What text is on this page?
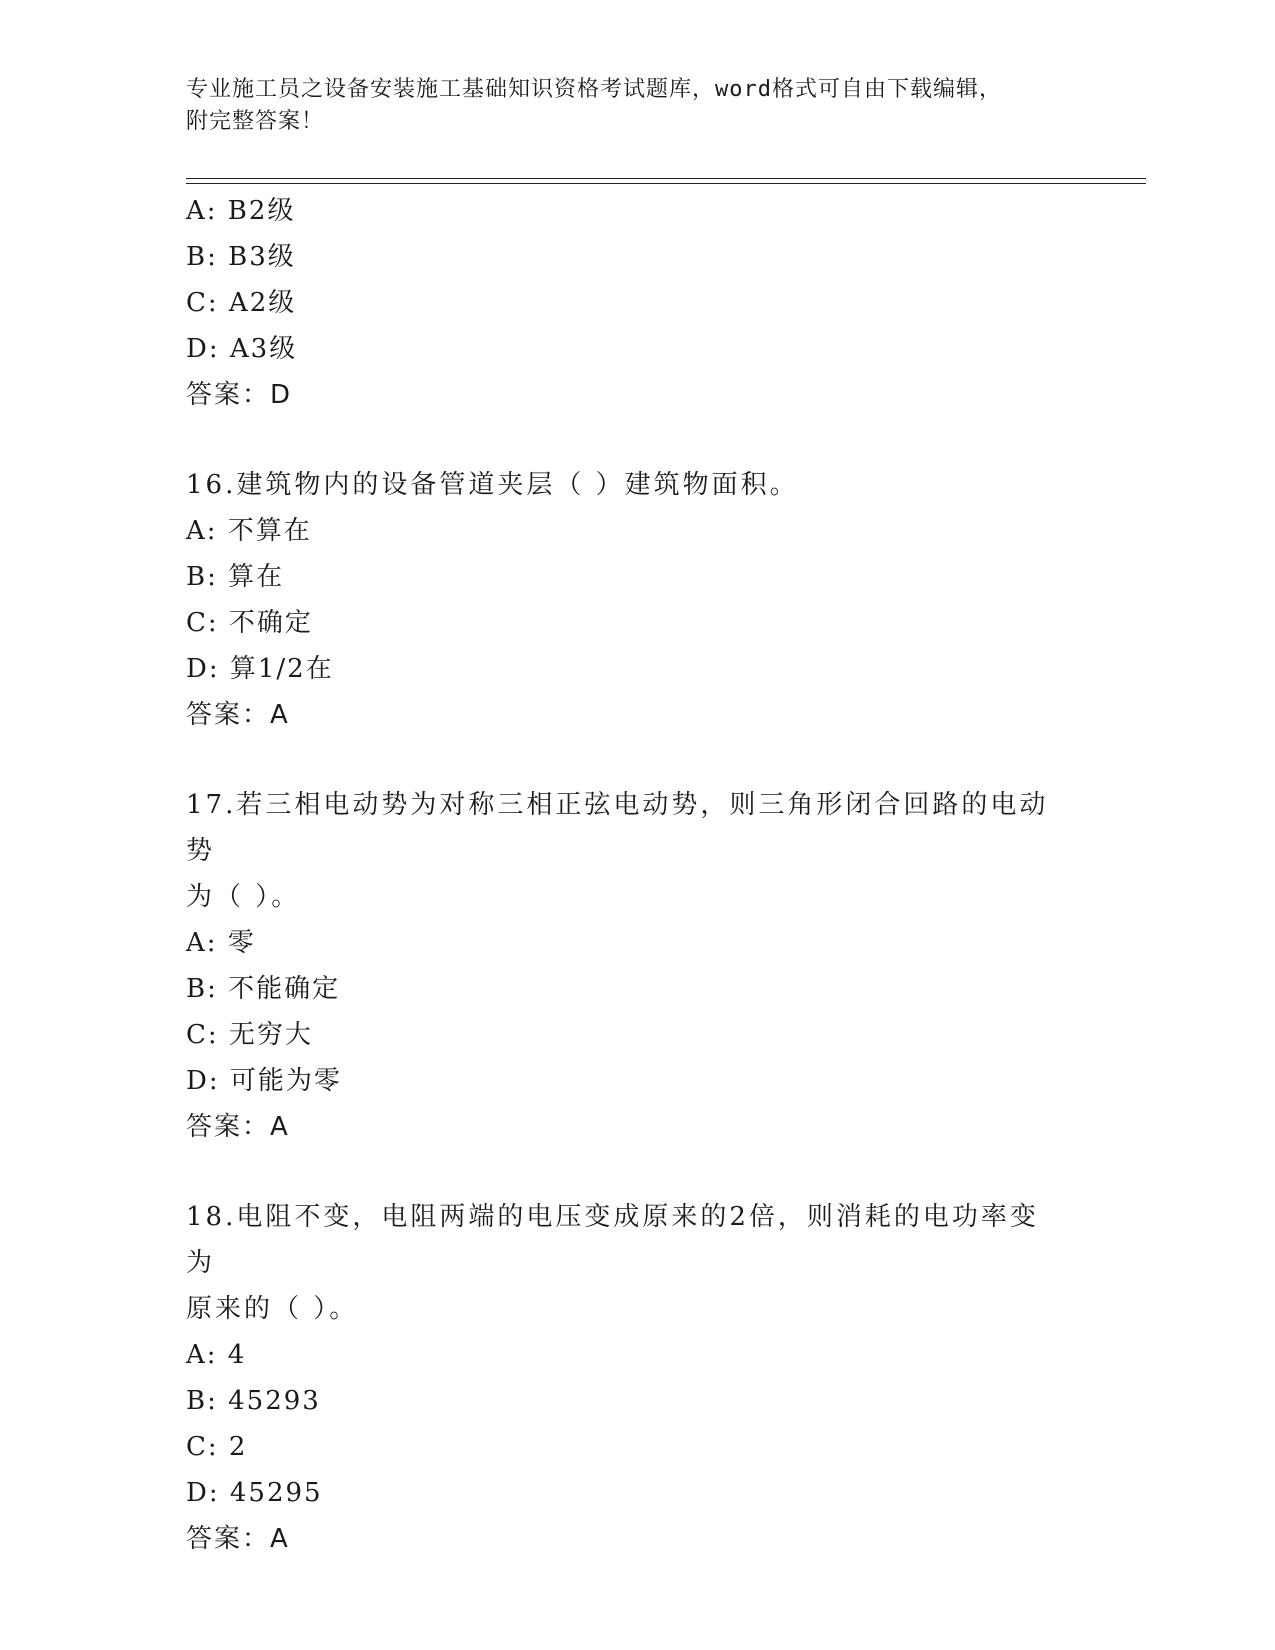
专业施工员之设备安装施工基础知识资格考试题库，word格式可自由下载编辑，
附完整答案！
A: B2级
B: B3级
C: A2级
D: A3级
答案：D
16.建筑物内的设备管道夹层（ ）建筑物面积。
A: 不算在
B: 算在
C: 不确定
D: 算1/2在
答案：A
17.若三相电动势为对称三相正弦电动势，则三角形闭合回路的电动势
为（ ）。
A: 零
B: 不能确定
C: 无穷大
D: 可能为零
答案：A
18.电阻不变，电阻两端的电压变成原来的2倍，则消耗的电功率变为
原来的（ ）。
A: 4
B: 45293
C: 2
D: 45295
答案：A
